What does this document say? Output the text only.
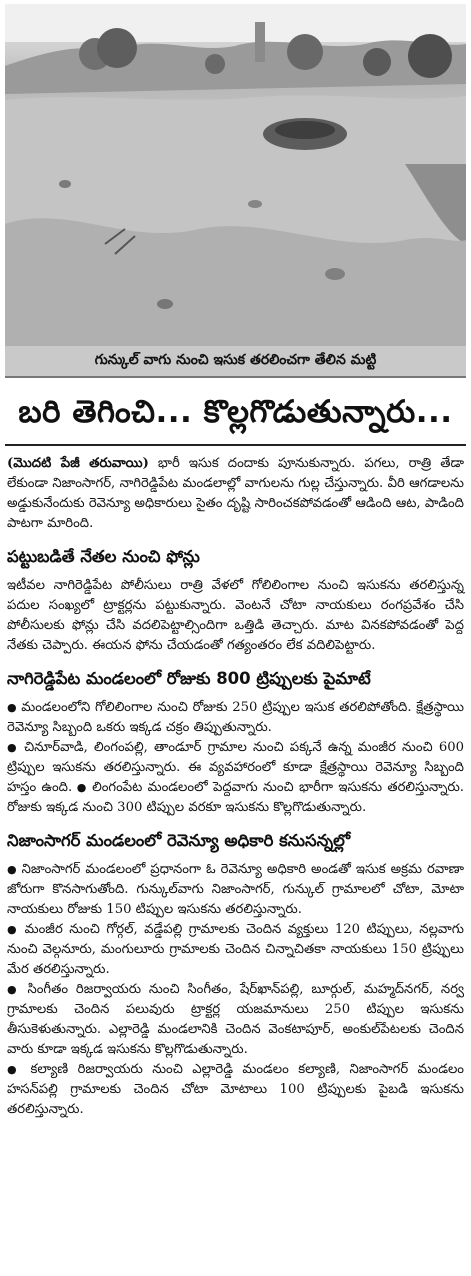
గున్కుల్ వాగు నుంచి ఇసుక తరలించగా తేలిన మట్టి
బరి తెగించి... కొల్లగొడుతున్నారు...

(మొదటి పేజీ తరువాయి) భారీ ఇసుక దందాకు పూనుకున్నారు. పగలు, రాత్రి తేడా లేకుండా నిజాంసాగర్, నాగిరెడ్డిపేట మండలాల్లో వాగులను గుల్ల చేస్తున్నారు. వీరి ఆగడాలను అడ్డుకునేందుకు రెవెన్యూ అధికారులు సైతం దృష్టి సారించకపోవడంతో ఆడింది ఆట, పాడింది పాటగా మారింది.

పట్టుబడితే నేతల నుంచి ఫోన్లు

ఇటీవల నాగిరెడ్డిపేట పోలీసులు రాత్రి వేళలో గోలిలింగాల నుంచి ఇసుకను తరలిస్తున్న పదుల సంఖ్యలో ట్రాక్టర్లను పట్టుకున్నారు. వెంటనే చోటా నాయకులు రంగప్రవేశం చేసి పోలీసులకు ఫోన్లు చేసి వదలిపెట్టాల్సిందిగా ఒత్తిడి తెచ్చారు. మాట వినకపోవడంతో పెద్ద నేతకు చెప్పారు. ఈయన ఫోను చేయడంతో గత్యంతరం లేక వదిలిపెట్టారు.

నాగిరెడ్డిపేట మండలంలో రోజుకు 800 ట్రిప్పులకు పైమాటే

● మండలంలోని గోలిలింగాల నుంచి రోజుకు 250 ట్రిప్పుల ఇసుక తరలిపోతోంది. క్షేత్రస్థాయి రెవెన్యూ సిబ్బంది ఒకరు ఇక్కడ చక్రం తిప్పుతున్నారు.
● చినూర్‌వాడి, లింగంపల్లి, తాండూర్ గ్రామాల నుంచి పక్కనే ఉన్న మంజీర నుంచి 600 ట్రిప్పుల ఇసుకను తరలిస్తున్నారు. ఈ వ్యవహారంలో కూడా క్షేత్రస్థాయి రెవెన్యూ సిబ్బంది హస్తం ఉంది.● లింగంపేట మండలంలో పెద్దవాగు నుంచి భారీగా ఇసుకను తరలిస్తున్నారు. రోజుకు ఇక్కడ నుంచి 300 టిప్పుల వరకూ ఇసుకను కొల్లగొడుతున్నారు.

నిజాంసాగర్ మండలంలో రెవెన్యూ అధికారి కనుసన్నల్లో

● నిజాంసాగర్ మండలంలో ప్రధానంగా ఓ రెవెన్యూ అధికారి అండతో ఇసుక అక్రమ రవాణా జోరుగా కొనసాగుతోంది. గున్కుల్‌వాగు నిజాంసాగర్, గున్కుల్ గ్రామాలలో చోటా, మోటా నాయకులు రోజుకు 150 టిప్పుల ఇసుకను తరలిస్తున్నారు.
● మంజీర నుంచి గోర్గల్, వడ్డేపల్లి గ్రామాలకు చెందిన వ్యక్తులు 120 టిప్పులు, నల్లవాగు నుంచి వెల్గనూరు, మంగులూరు గ్రామాలకు చెందిన చిన్నాచితకా నాయకులు 150 ట్రిప్పులు మేర తరలిస్తున్నారు.
● సింగీతం రిజర్వాయరు నుంచి సింగీతం, షేర్‌ఖాన్‌పల్లి, బూర్గుల్, మహ్మద్‌నగర్, నర్వ గ్రామాలకు చెందిన పలువురు ట్రాక్టర్ల యజమానులు 250 టిప్పుల ఇసుకను తీసుకెళుతున్నారు. ఎల్లారెడ్డి మండలానికి చెందిన వెంకటాపూర్, అంకుల్‌పేటలకు చెందిన వారు కూడా ఇక్కడ ఇసుకను కొల్లగొడుతున్నారు.
● కల్యాణి రిజర్వాయరు నుంచి ఎల్లారెడ్డి మండలం కల్యాణి, నిజాంసాగర్ మండలం హసన్‌పల్లి గ్రామాలకు చెందిన చోటా మోటాలు 100 ట్రిప్పులకు పైబడి ఇసుకను తరలిస్తున్నారు.
